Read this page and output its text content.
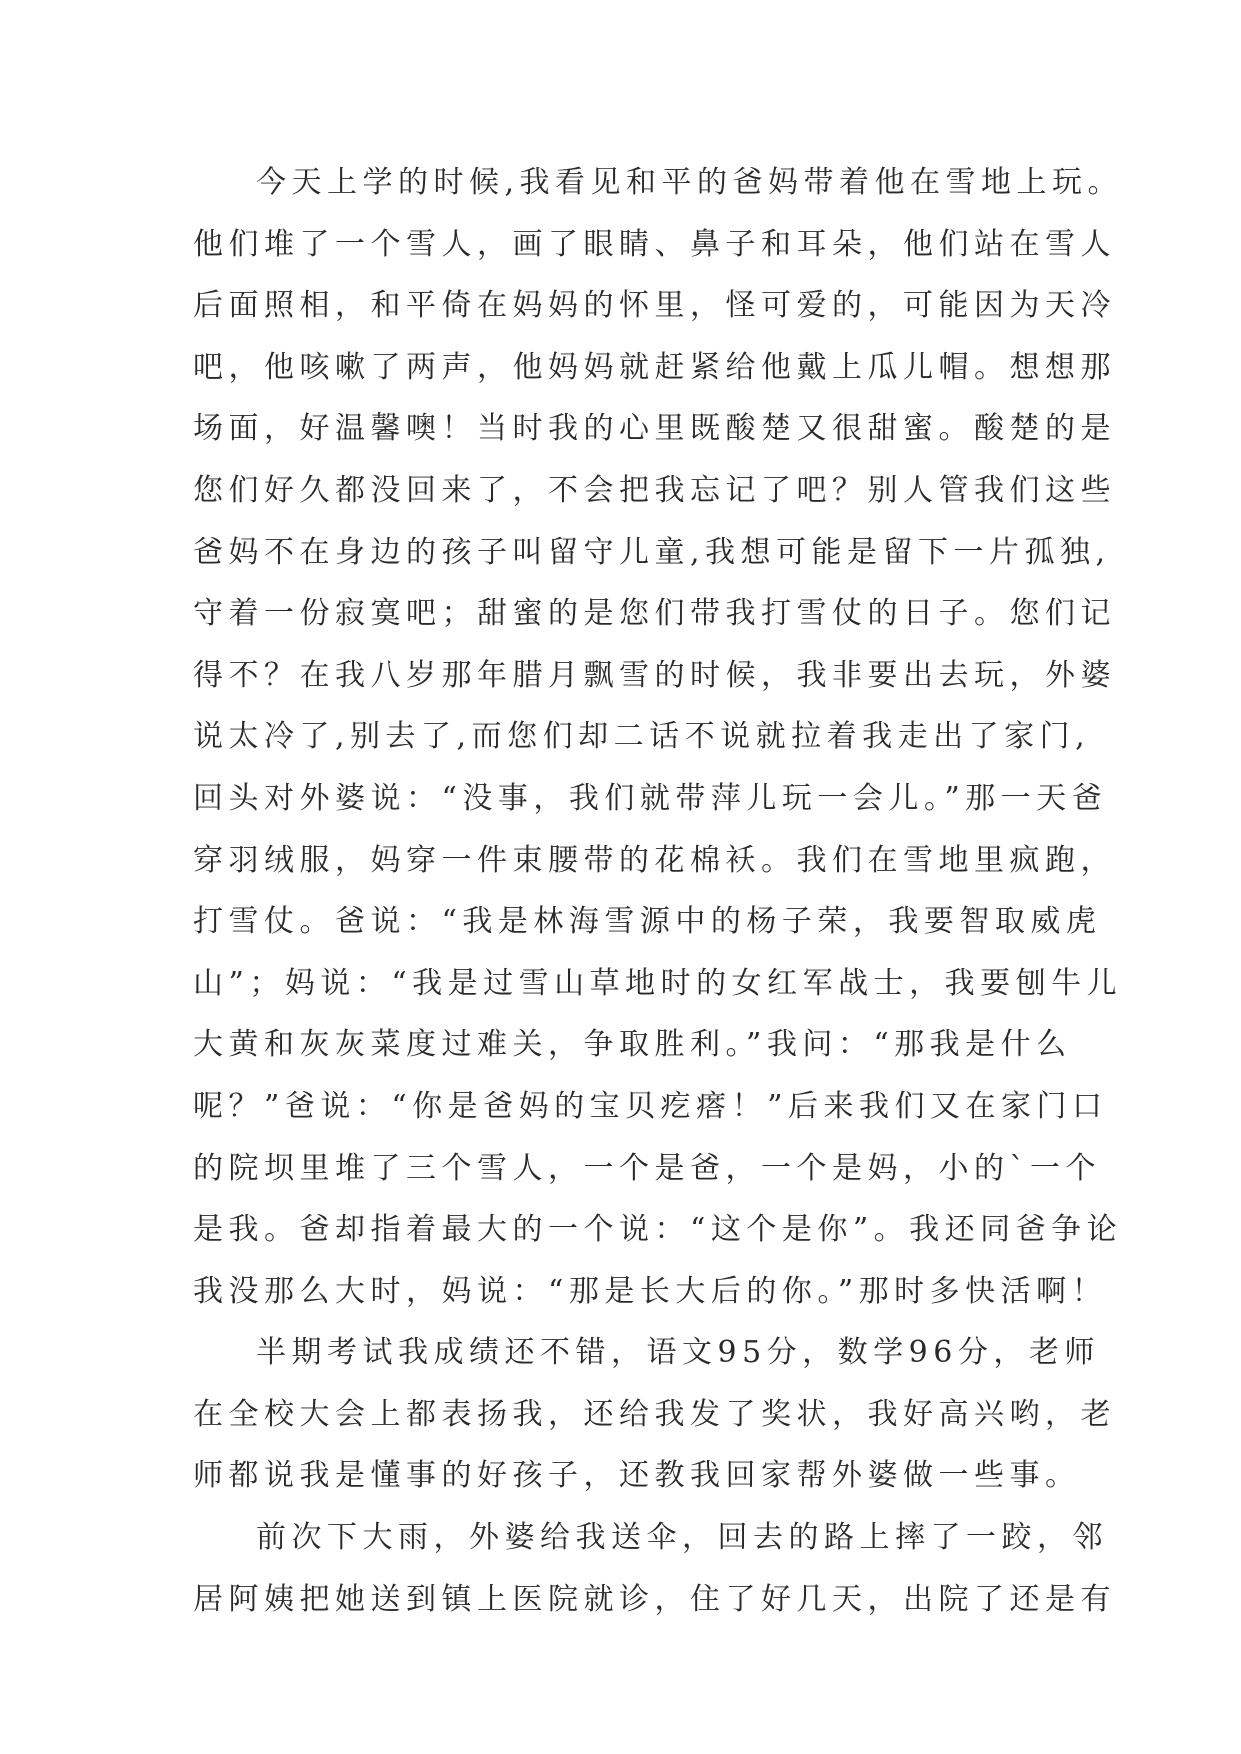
今天上学的时候,我看见和平的爸妈带着他在雪地上玩。
他们堆了一个雪人，画了眼睛、鼻子和耳朵，他们站在雪人
后面照相，和平倚在妈妈的怀里，怪可爱的，可能因为天冷
吧，他咳嗽了两声，他妈妈就赶紧给他戴上瓜儿帽。想想那
场面，好温馨噢！当时我的心里既酸楚又很甜蜜。酸楚的是
您们好久都没回来了，不会把我忘记了吧？别人管我们这些
爸妈不在身边的孩子叫留守儿童,我想可能是留下一片孤独,
守着一份寂寞吧；甜蜜的是您们带我打雪仗的日子。您们记
得不？在我八岁那年腊月飘雪的时候，我非要出去玩，外婆
说太冷了,别去了,而您们却二话不说就拉着我走出了家门,
回头对外婆说：“没事，我们就带萍儿玩一会儿。”那一天爸
穿羽绒服，妈穿一件束腰带的花棉袄。我们在雪地里疯跑，
打雪仗。爸说：“我是林海雪源中的杨子荣，我要智取威虎
山”；妈说：“我是过雪山草地时的女红军战士，我要刨牛儿
大黄和灰灰菜度过难关，争取胜利。”我问：“那我是什么
呢？”爸说：“你是爸妈的宝贝疙瘩！”后来我们又在家门口
的院坝里堆了三个雪人，一个是爸，一个是妈，小的`一个
是我。爸却指着最大的一个说：“这个是你”。我还同爸争论
我没那么大时，妈说：“那是长大后的你。”那时多快活啊！
半期考试我成绩还不错，语文95分，数学96分，老师
在全校大会上都表扬我，还给我发了奖状，我好高兴哟，老
师都说我是懂事的好孩子，还教我回家帮外婆做一些事。
前次下大雨，外婆给我送伞，回去的路上摔了一跤，邻
居阿姨把她送到镇上医院就诊，住了好几天，出院了还是有
